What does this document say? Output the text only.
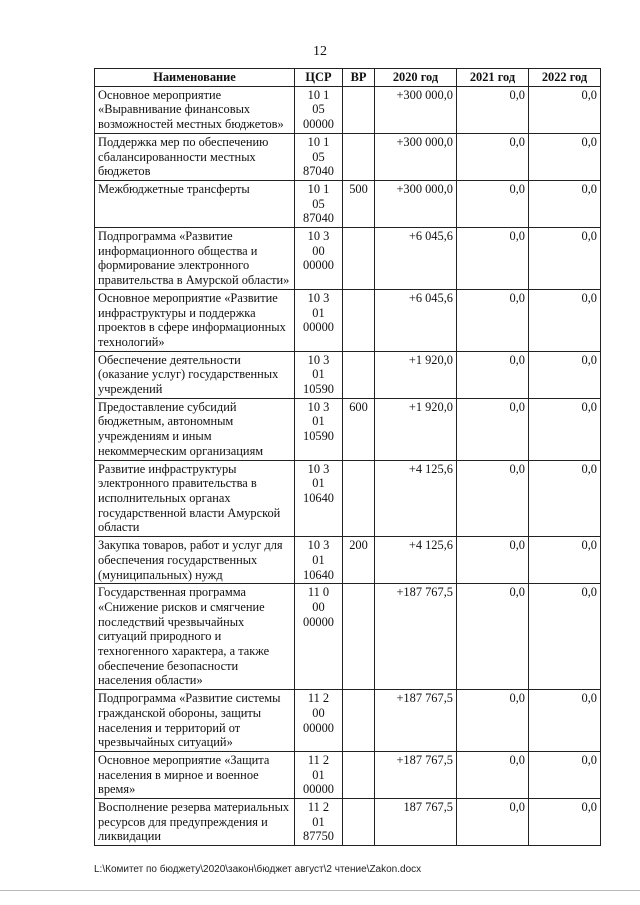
12
Наименование	ЦСР	ВР	2020 год	2021 год	2022 год
Основное мероприятие «Выравнивание финансовых возможностей местных бюджетов»	10 1
05
00000		+300 000,0	0,0	0,0
Поддержка мер по обеспечению сбалансированности местных бюджетов	10 1
05
87040		+300 000,0	0,0	0,0
Межбюджетные трансферты	10 1
05
87040	500	+300 000,0	0,0	0,0
Подпрограмма «Развитие информационного общества и формирование электронного правительства в Амурской области»	10 3
00
00000		+6 045,6	0,0	0,0
Основное мероприятие «Развитие инфраструктуры и поддержка проектов в сфере информационных технологий»	10 3
01
00000		+6 045,6	0,0	0,0
Обеспечение деятельности (оказание услуг) государственных учреждений	10 3
01
10590		+1 920,0	0,0	0,0
Предоставление субсидий бюджетным, автономным учреждениям и иным некоммерческим организациям	10 3
01
10590	600	+1 920,0	0,0	0,0
Развитие инфраструктуры электронного правительства в исполнительных органах государственной власти Амурской области	10 3
01
10640		+4 125,6	0,0	0,0
Закупка товаров, работ и услуг для обеспечения государственных (муниципальных) нужд	10 3
01
10640	200	+4 125,6	0,0	0,0
Государственная программа «Снижение рисков и смягчение последствий чрезвычайных ситуаций природного и техногенного характера, а также обеспечение безопасности населения области»	11 0
00
00000		+187 767,5	0,0	0,0
Подпрограмма «Развитие системы гражданской обороны, защиты населения и территорий от чрезвычайных ситуаций»	11 2
00
00000		+187 767,5	0,0	0,0
Основное мероприятие «Защита населения в мирное и военное время»	11 2
01
00000		+187 767,5	0,0	0,0
Восполнение резерва материальных ресурсов для предупреждения и ликвидации	11 2
01
87750		187 767,5	0,0	0,0
L:\Комитет по бюджету\2020\закон\бюджет август\2 чтение\Zakon.docx
